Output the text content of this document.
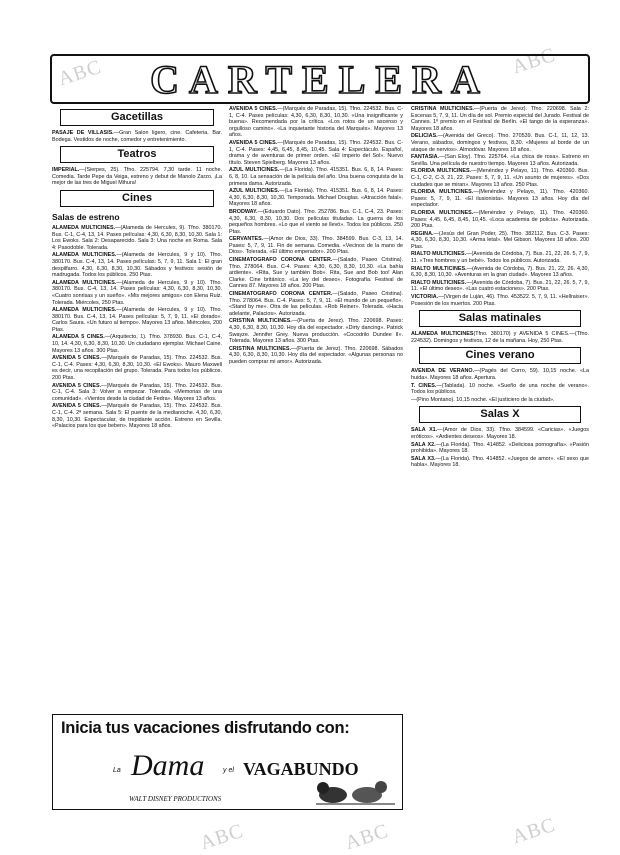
ABC	ABC
ABC	ABC	ABC
CARTELERA
Gacetillas
PASAJE DE VILLASIS.—Gran Salon ligero, cine. Cafeteria. Bar. Bodega. Vestidos de noche, comedor y entretenimiento.
Teatros
IMPERIAL.—(Sierpes, 25). Tfno. 225794. 7,30 tarde. 11 noche. Comedia. Tarde Pepe da Veiga, estreno y debut de Manolo Zarzo. ¡La mejor de las tres de Miguel Mihura!
Cines
Salas de estreno
ALAMEDA MULTICINES.—(Alameda de Hercules, 9). Tfno. 380170. Bus. C-1, C-4, 13, 14. Pases películas: 4,30, 6,30, 8,30, 10,30. Sala 1: Los Ewoks. Sala 2: Desaparecido. Sala 3: Una noche en Roma. Sala 4: Pasodoble. Tolerada.
ALAMEDA MULTICINES.—(Alameda de Hercules, 9 y 10). Tfno. 380170. Bus. C-4, 13, 14. Pases películas: 5, 7, 9, 11. Sala 1: El gran despilfarro. 4,30, 6,30, 8,30, 10,30. Sábados y festivos: sesión de madrugada. Todos los públicos. 250 Ptas.
ALAMEDA MULTICINES.—(Alameda de Hercules, 9 y 10). Tfno. 380170. Bus. C-4, 13, 14. Pases películas: 4,30, 6,30, 8,30, 10,30. «Cuatro sonrisas y un sueño». «Mis mejores amigos» con Elena Ruiz. Tolerada. Miércoles, 250 Ptas.
ALAMEDA MULTICINES.—(Alameda de Hercules, 9 y 10). Tfno. 380170. Bus. C-4, 13, 14. Pases películas: 5, 7, 9, 11. «El dorado». Carlos Saura. «Un futuro al tiempo». Mayores 13 años. Miércoles, 200 Ptas.
ALAMEDA 5 CINES.—(Arquitecto, 1). Tfno. 378930. Bus. C-1, C-4, 10, 14. 4,30, 6,30, 8,30, 10,30. Un ciudadano ejemplar. Michael Caine. Mayores 13 años. 300 Ptas.
AVENIDA 5 CINES.—(Marqués de Paradas, 15). Tfno. 224532. Bus. C-1, C-4. Pases: 4,30, 6,30, 8,30, 10,30. «El Ewoks». Mauro Maxwell es decir, una recopilación del grupo. Tolerada. Para todos los públicos. 200 Ptas.
AVENIDA 5 CINES.—(Marqués de Paradas, 15). Tfno. 224532. Bus. C-1, C-4. Sala 3: Volver a empezar. Tolerada. «Memorias de una comunidad». «Vientos desde la ciudad de Fedra». Mayores 13 años.
AVENIDA 5 CINES.—(Marqués de Paradas, 15). Tfno. 224532. Bus. C-1, C-4. 2ª semana. Sala 5: El puente de la medianoche. 4,30, 6,30, 8,30, 10,30. Espectacular, de trepidante acción. Estreno en Sevilla. «Palacios para los que beben». Mayores 18 años.
AVENIDA 5 CINES.—(Marqués de Paradas, 15). Tfno. 224532. Bus. C-1, C-4. Pases películas: 4,30, 6,30, 8,30, 10,30. «Una insignificante y buena». Recomendada por la crítica. «Los rotos de un ascenso y orgulloso camino». «La inquietante historia del Marqués». Mayores 13 años.
AVENIDA 5 CINES.—(Marqués de Paradas, 15). Tfno. 224532. Bus. C-1, C-4. Pases: 4,45, 6,45, 8,45, 10,45. Sala 4: Espectáculo. Español, drama y de aventuras de primer orden. «El imperio del Sol». Nuevo título. Steven Spielberg. Mayores 13 años.
AZUL MULTICINES.—(La Florida). Tfno. 415351. Bus. 6, 8, 14. Pases: 6, 8, 10. La sensación de la película del año. Una buena conquista de la primera dama. Autorizada.
AZUL MULTICINES.—(La Florida). Tfno. 415351. Bus. 6, 8, 14. Pases: 4,30, 6,30, 8,30, 10,30. Temporada. Michael Douglas. «Atracción fatal». Mayores 18 años.
BRODWAY.—(Eduardo Dato). Tfno. 252786. Bus. C-1, C-4, 23. Pases: 4,30, 6,30, 8,30, 10,30. Dos películas tituladas. La guerra de los pequeños hombres. «Lo que el viento se llevó». Todos los públicos. 250 Ptas.
CERVANTES.—(Amor de Dios, 33). Tfno. 384599. Bus. C-3, 13, 14. Pases: 5, 7, 9, 11. Fin de semana. Comedia. «Vecinos de la mano de Dios». Tolerada. «El último emperador». 200 Ptas.
CINEMATOGRAFO CORONA CENTER.—(Salado, Paseo Cristina). Tfno. 278064. Bus. C-4. Pases: 4,30, 6,30, 8,30, 10,30. «La bahía ardiente». «Rita, Sue y también Bob». Rita, Sue and Bob too! Alan Clarke. Cine británico. «La ley del deseo». Fotografía. Festival de Cannes 87. Mayores 18 años. 200 Ptas.
CINEMATOGRAFO CORONA CENTER.—(Salado, Paseo Cristina). Tfno. 278064. Bus. C-4. Pases: 5, 7, 9, 11. «El mundo de un pequeño». «Stand by me». Otra de las películas. «Rob Reiner». Tolerada. «Hacia adelante, Palacios». Autorizada.
CRISTINA MULTICINES.—(Puerta de Jerez). Tfno. 220698. Pases: 4,30, 6,30, 8,30, 10,30. Hoy día del espectador. «Dirty dancing». Patrick Swayze. Jennifer Grey. Nueva producción. «Cocodrilo Dundee II». Tolerada. Mayores 13 años. 300 Ptas.
CRISTINA MULTICINES.—(Puerta de Jerez). Tfno. 220698. Sábados 4,30, 6,30, 8,30, 10,30. Hoy día del espectador. «Algunas personas no pueden comprar mi amor». Autorizada.
CRISTINA MULTICINES.—(Puerta de Jerez). Tfno. 220698. Sala 2: Escenas 5, 7, 9, 11. Un día de sol. Premio especial del Jurado. Festival de Cannes. 1º premio en el Festival de Berlín. «El tango de la esperanza». Mayores 18 años.
DELICIAS.—(Avenida del Greco). Tfno. 270539. Bus. C-1, 11, 12, 13. Verano, sábados, domingos y festivos, 8,30. «Mujeres al borde de un ataque de nervios». Almodóvar. Mayores 18 años.
FANTASIA.—(San Eloy). Tfno. 225764. «La chica de rosa». Estreno en Sevilla. Una película de nuestro tiempo. Mayores 13 años. Autorizada.
FLORIDA MULTICINES.—(Menéndez y Pelayo, 11). Tfno. 420360. Bus. C-1, C-2, C-3, 21, 22. Pases: 5, 7, 9, 11. «Un asunto de mujeres». «Dos ciudades que se miran». Mayores 13 años. 250 Ptas.
FLORIDA MULTICINES.—(Menéndez y Pelayo, 11). Tfno. 420360. Pases: 5, 7, 9, 11. «El ilusionista». Mayores 13 años. Hoy día del espectador.
FLORIDA MULTICINES.—(Menéndez y Pelayo, 11). Tfno. 420360. Pases: 4,45, 6,45, 8,45, 10,45. «Loca academia de policía». Autorizada. 200 Ptas.
REGINA.—(Jesús del Gran Poder, 25). Tfno. 382112. Bus. C-3. Pases: 4,30, 6,30, 8,30, 10,30. «Arma letal». Mel Gibson. Mayores 18 años. 200 Ptas.
RIALTO MULTICINES.—(Avenida de Córdoba, 7). Bus. 21, 22, 26. 5, 7, 9, 11. «Tres hombres y un bebé». Todos los públicos. Autorizada.
RIALTO MULTICINES.—(Avenida de Córdoba, 7). Bus. 21, 22, 26. 4,30, 6,30, 8,30, 10,30. «Aventuras en la gran ciudad». Mayores 13 años.
RIALTO MULTICINES.—(Avenida de Córdoba, 7). Bus. 21, 22, 26. 5, 7, 9, 11. «El último deseo». «Las cuatro estaciones». 200 Ptas.
VICTORIA.—(Virgen de Luján, 46). Tfno. 453522. 5, 7, 9, 11. «Hellraiser». Posesión de los muertos. 200 Ptas.
Salas matinales
ALAMEDA MULTICINES(Tfno. 380170) y AVENIDA 5 CINES.—(Tfno. 224532). Domingos y festivos, 12 de la mañana. Hoy, 250 Ptas.
Cines verano
AVENIDA DE VERANO.—(Pagés del Corro, 59). 10,15 noche. «La huida». Mayores 18 años. Apertura.
T. CINES.—(Tablada). 10 noche. «Sueño de una noche de verano». Todos los públicos.
—(Pino Montano). 10,15 noche. «El justiciero de la ciudad».
Salas X
SALA X1.—(Amor de Dios, 33). Tfno. 384599. «Caricias». «Juegos eróticos». «Ardientes deseos». Mayores 18.
SALA X2.—(La Florida). Tfno. 414852. «Deliciosa pornografía». «Pasión prohibida». Mayores 18.
SALA X3.—(La Florida). Tfno. 414852. «Juegos de amor». «El sexo que habla». Mayores 18.
Inicia tus vacaciones disfrutando con:
La Dama	y el VAGABUNDO
WALT DISNEY PRODUCTIONS
